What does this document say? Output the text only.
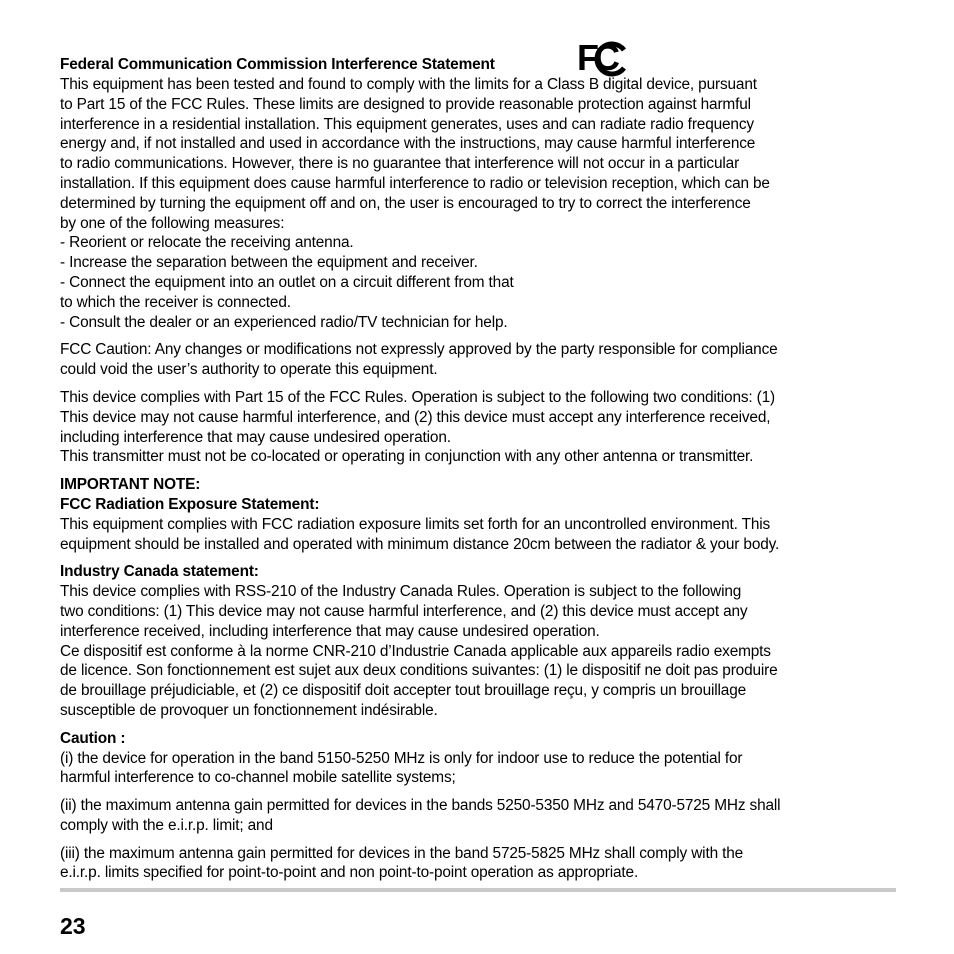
Federal Communication Commission Interference Statement	FC
This equipment has been tested and found to comply with the limits for a Class B digital device, pursuant
to Part 15 of the FCC Rules. These limits are designed to provide reasonable protection against harmful
interference in a residential installation. This equipment generates, uses and can radiate radio frequency
energy and, if not installed and used in accordance with the instructions, may cause harmful interference
to radio communications. However, there is no guarantee that interference will not occur in a particular
installation. If this equipment does cause harmful interference to radio or television reception, which can be
determined by turning the equipment off and on, the user is encouraged to try to correct the interference
by one of the following measures:
- Reorient or relocate the receiving antenna.
- Increase the separation between the equipment and receiver.
- Connect the equipment into an outlet on a circuit different from that
to which the receiver is connected.
- Consult the dealer or an experienced radio/TV technician for help.
FCC Caution: Any changes or modifications not expressly approved by the party responsible for compliance
could void the user’s authority to operate this equipment.
This device complies with Part 15 of the FCC Rules. Operation is subject to the following two conditions: (1)
This device may not cause harmful interference, and (2) this device must accept any interference received,
including interference that may cause undesired operation.
This transmitter must not be co-located or operating in conjunction with any other antenna or transmitter.
IMPORTANT NOTE:
FCC Radiation Exposure Statement:
This equipment complies with FCC radiation exposure limits set forth for an uncontrolled environment. This
equipment should be installed and operated with minimum distance 20cm between the radiator & your body.
Industry Canada statement:
This device complies with RSS-210 of the Industry Canada Rules. Operation is subject to the following
two conditions: (1) This device may not cause harmful interference, and (2) this device must accept any
interference received, including interference that may cause undesired operation.
Ce dispositif est conforme à la norme CNR-210 d’Industrie Canada applicable aux appareils radio exempts
de licence. Son fonctionnement est sujet aux deux conditions suivantes: (1) le dispositif ne doit pas produire
de brouillage préjudiciable, et (2) ce dispositif doit accepter tout brouillage reçu, y compris un brouillage
susceptible de provoquer un fonctionnement indésirable.
Caution :
(i) the device for operation in the band 5150-5250 MHz is only for indoor use to reduce the potential for
harmful interference to co-channel mobile satellite systems;
(ii) the maximum antenna gain permitted for devices in the bands 5250-5350 MHz and 5470-5725 MHz shall
comply with the e.i.r.p. limit; and
(iii) the maximum antenna gain permitted for devices in the band 5725-5825 MHz shall comply with the
e.i.r.p. limits specified for point-to-point and non point-to-point operation as appropriate.
23
